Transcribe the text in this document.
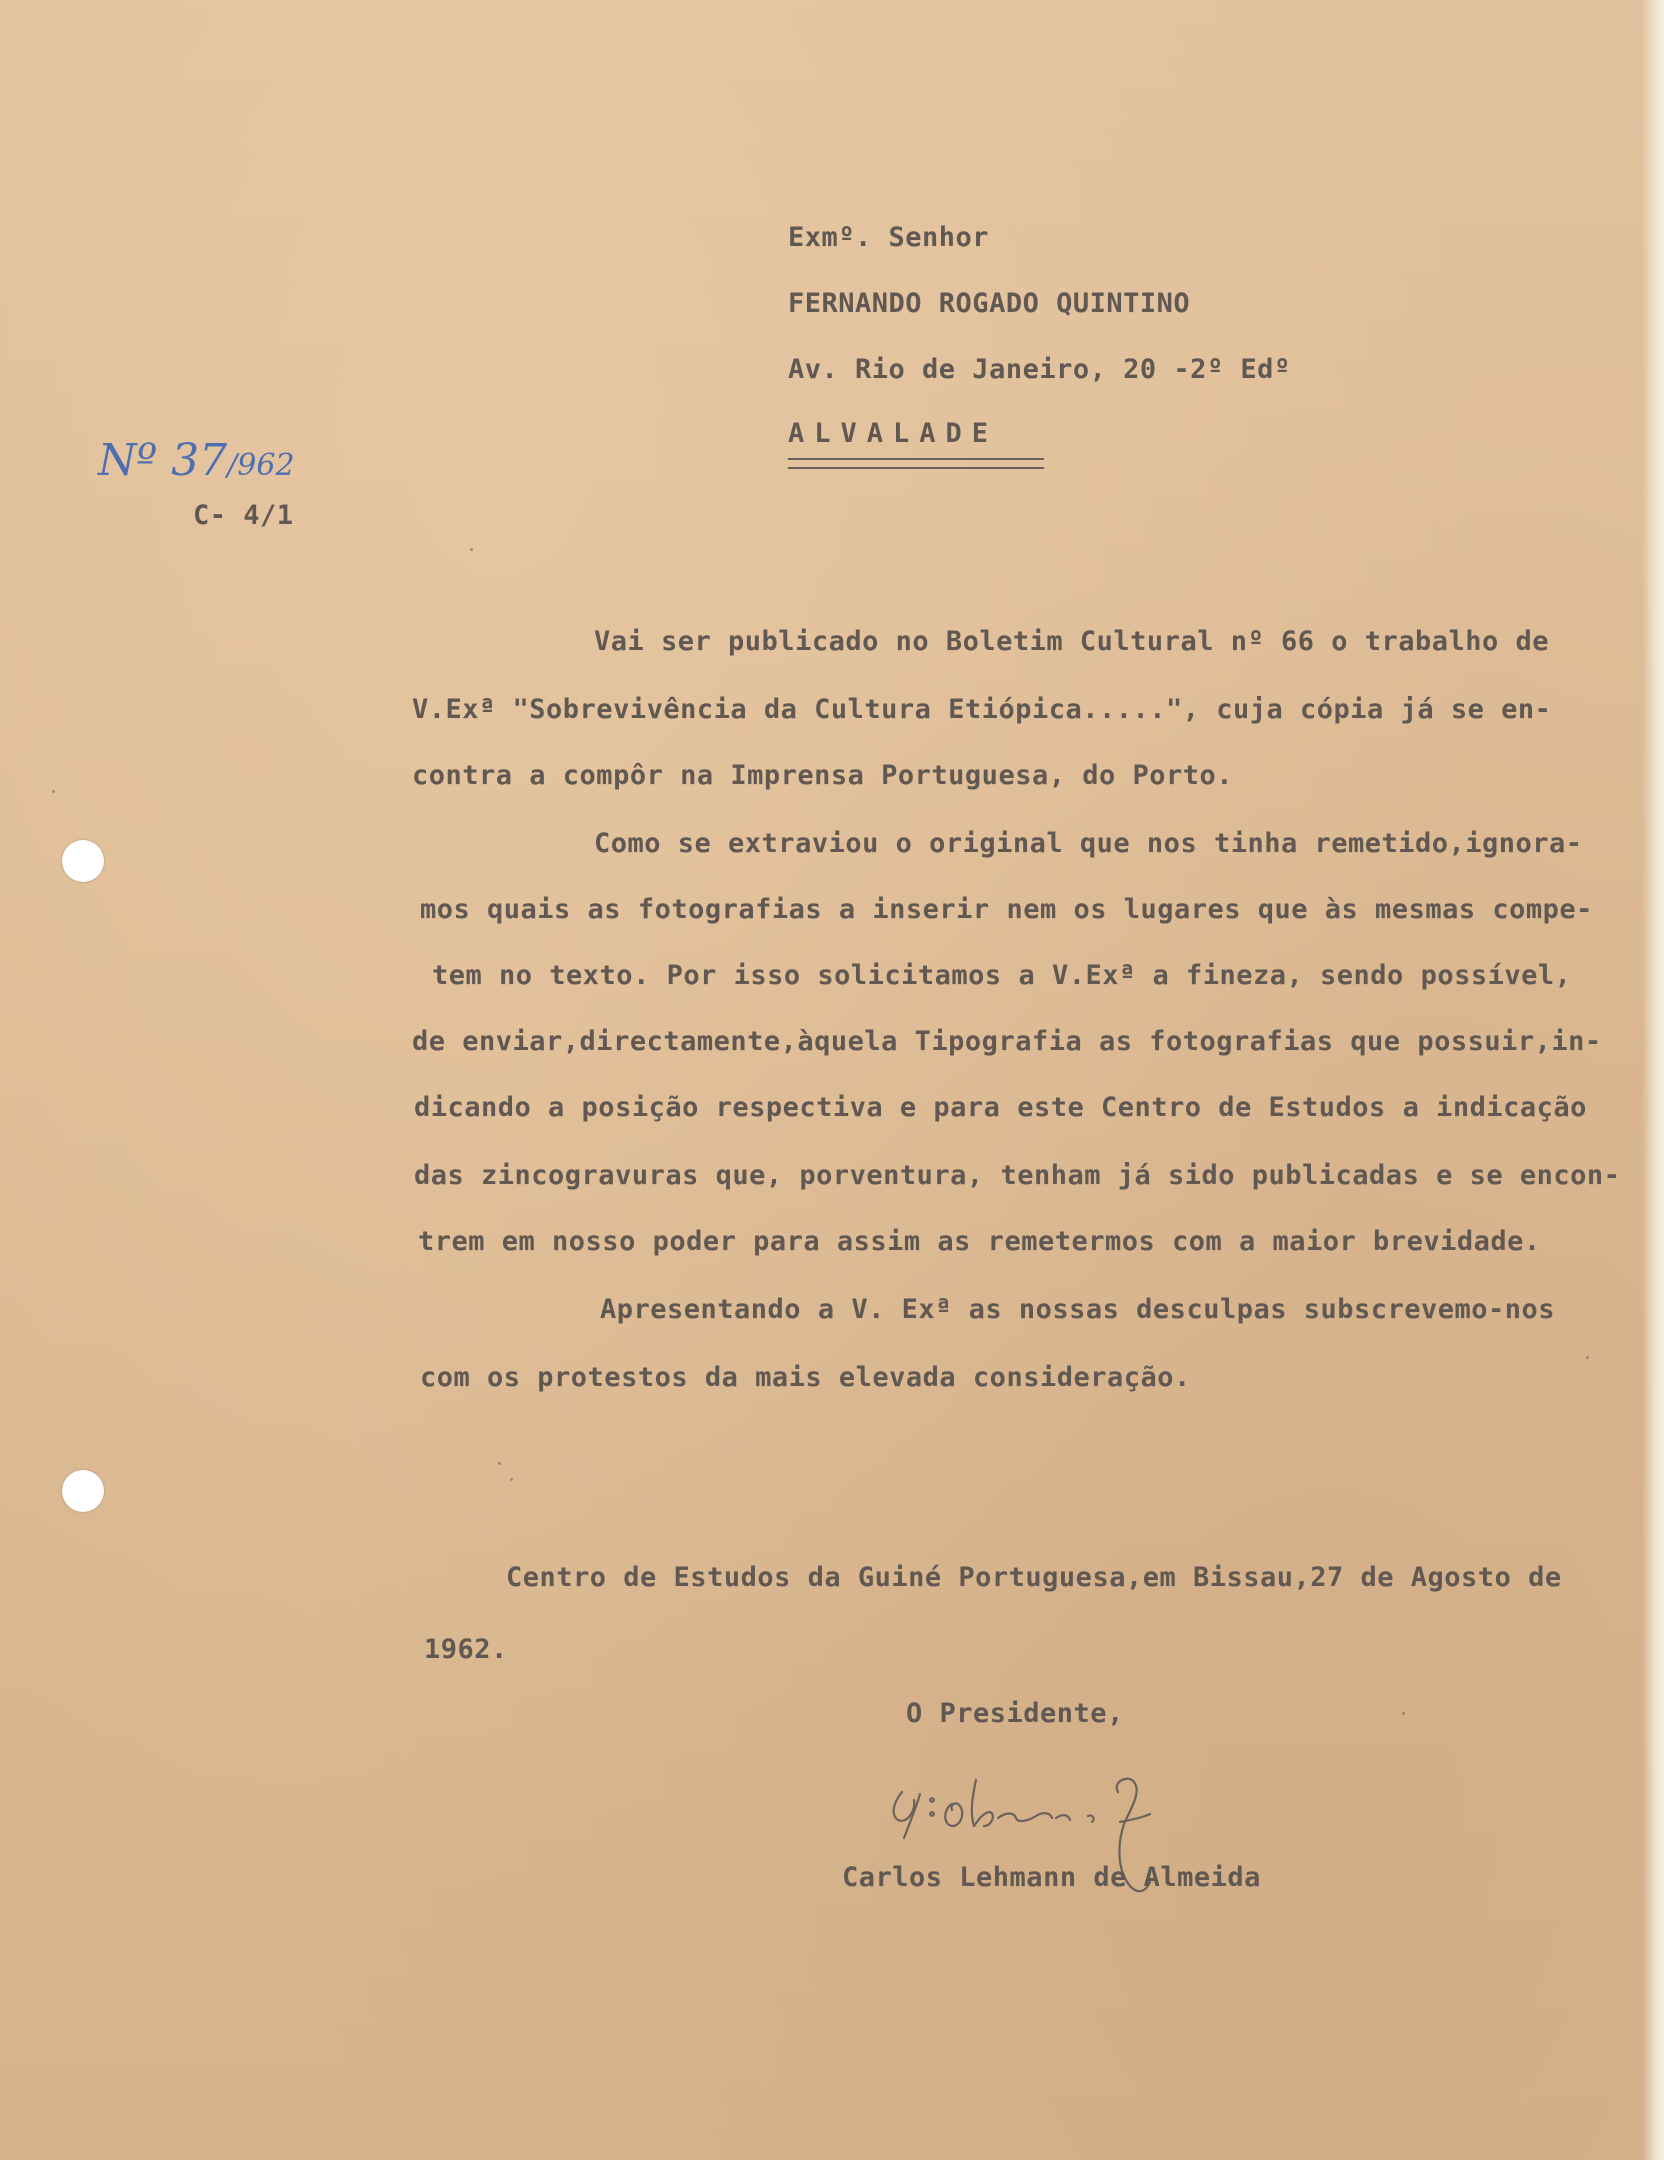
Exmº. Senhor
FERNANDO ROGADO QUINTINO
Av. Rio de Janeiro, 20 -2º Edº
ALVALADE
Nº 37/962
C- 4/1
Vai ser publicado no Boletim Cultural nº 66 o trabalho de
V.Exª "Sobrevivência da Cultura Etiópica.....", cuja cópia já se en-
contra a compôr na Imprensa Portuguesa, do Porto.
Como se extraviou o original que nos tinha remetido,ignora-
mos quais as fotografias a inserir nem os lugares que às mesmas compe-
tem no texto. Por isso solicitamos a V.Exª a fineza, sendo possível,
de enviar,directamente,àquela Tipografia as fotografias que possuir,in-
dicando a posição respectiva e para este Centro de Estudos a indicação
das zincogravuras que, porventura, tenham já sido publicadas e se encon-
trem em nosso poder para assim as remetermos com a maior brevidade.
Apresentando a V. Exª as nossas desculpas subscrevemo-nos
com os protestos da mais elevada consideração.
Centro de Estudos da Guiné Portuguesa,em Bissau,27 de Agosto de
1962.
O Presidente,
Carlos Lehmann de Almeida
